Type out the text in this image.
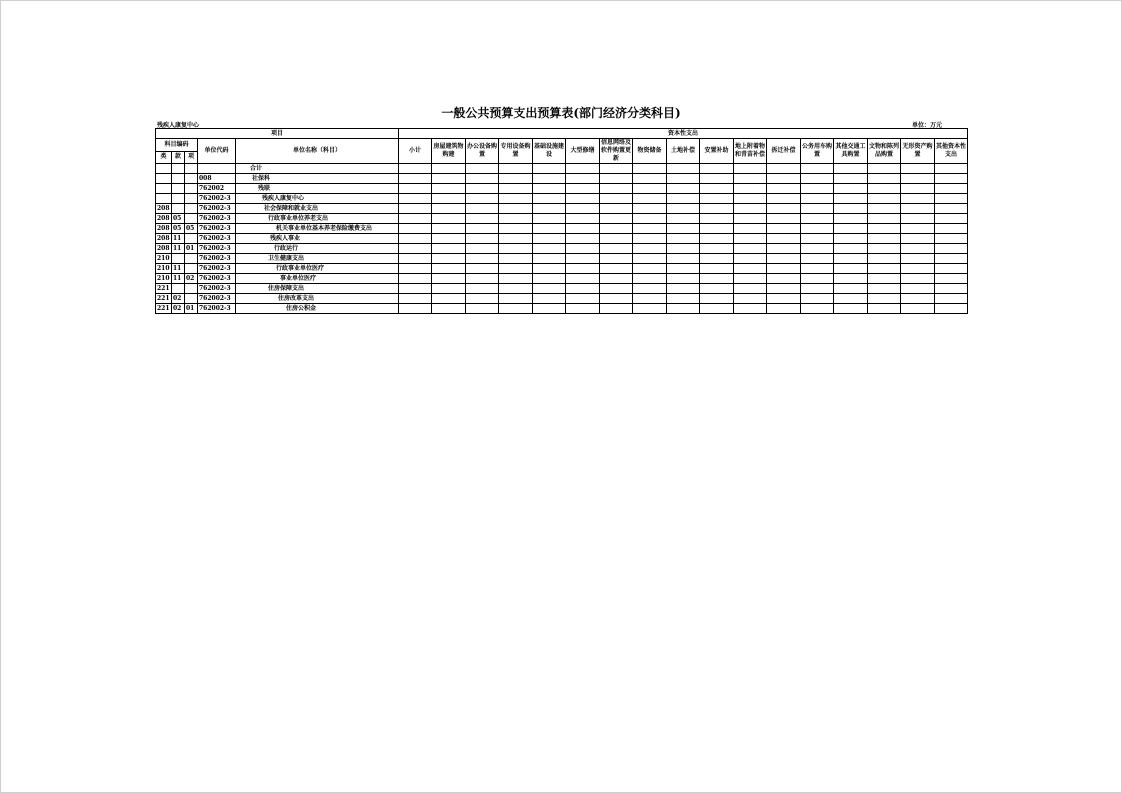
一般公共预算支出预算表(部门经济分类科目)
残疾人康复中心	单位：万元
项目					资本性支出																
科目编码			单位代码	单位名称（科目）	小计	房屋建筑物购建	办公设备购置	专用设备购置	基础设施建设	大型修缮	信息网络及软件购置更新	物资储备	土地补偿	安置补助	地上附着物和青苗补偿	拆迁补偿	公务用车购置	其他交通工具购置	文物和陈列品购置	无形资产购置	其他资本性支出
类	款	项																			
				合计																	
			008	社保科																	
			762002	残联																	
			762002-3	残疾人康复中心																	
208			762002-3	社会保障和就业支出																	
208	05		762002-3	行政事业单位养老支出																	
208	05	05	762002-3	机关事业单位基本养老保险缴费支出																	
208	11		762002-3	残疾人事业																	
208	11	01	762002-3	行政运行																	
210			762002-3	卫生健康支出																	
210	11		762002-3	行政事业单位医疗																	
210	11	02	762002-3	事业单位医疗																	
221			762002-3	住房保障支出																	
221	02		762002-3	住房改革支出																	
221	02	01	762002-3	住房公积金																	
